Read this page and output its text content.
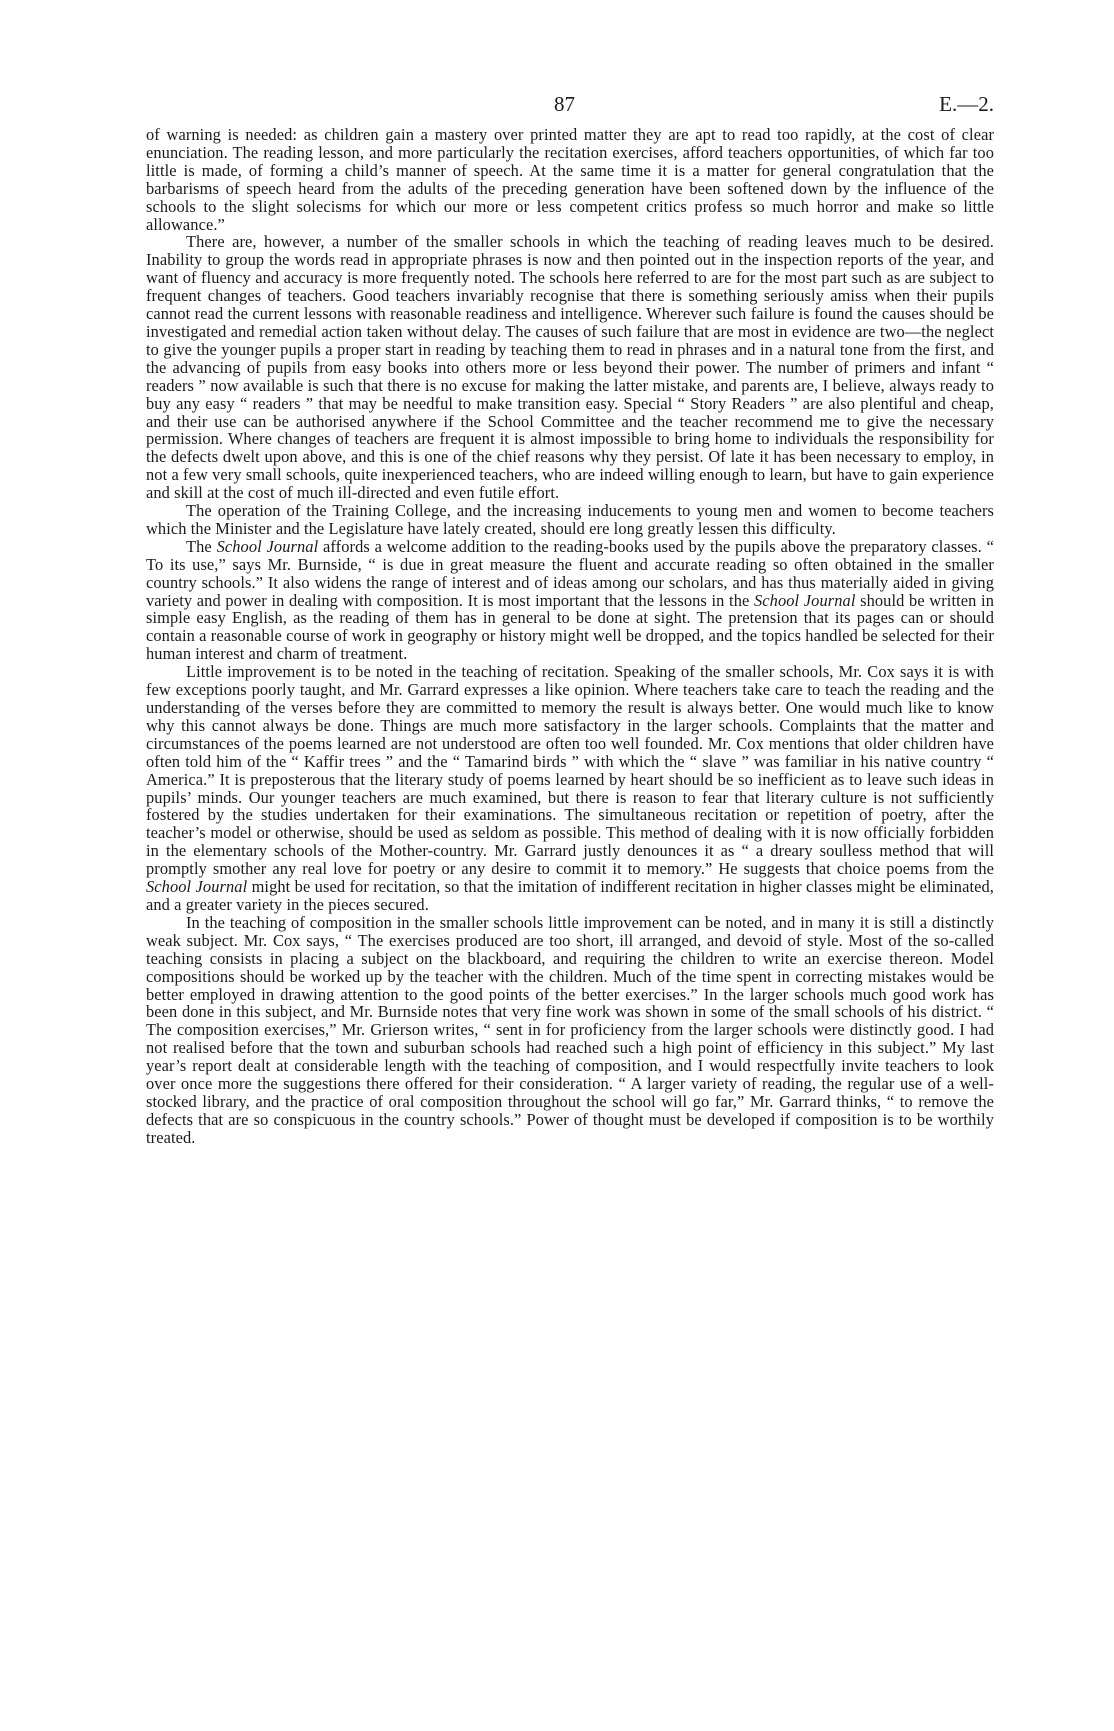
87	E.—2.

of warning is needed: as children gain a mastery over printed matter they are apt to read too rapidly, at the cost of clear enunciation. The reading lesson, and more particularly the recitation exercises, afford teachers opportunities, of which far too little is made, of forming a child’s manner of speech. At the same time it is a matter for general congratulation that the barbarisms of speech heard from the adults of the preceding generation have been softened down by the influence of the schools to the slight solecisms for which our more or less competent critics profess so much horror and make so little allowance.”

There are, however, a number of the smaller schools in which the teaching of reading leaves much to be desired. Inability to group the words read in appropriate phrases is now and then pointed out in the inspection reports of the year, and want of fluency and accuracy is more frequently noted. The schools here referred to are for the most part such as are subject to frequent changes of teachers. Good teachers invariably recognise that there is something seriously amiss when their pupils cannot read the current lessons with reasonable readiness and intelligence. Wherever such failure is found the causes should be investigated and remedial action taken without delay. The causes of such failure that are most in evidence are two—the neglect to give the younger pupils a proper start in reading by teaching them to read in phrases and in a natural tone from the first, and the advancing of pupils from easy books into others more or less beyond their power. The number of primers and infant “ readers ” now available is such that there is no excuse for making the latter mistake, and parents are, I believe, always ready to buy any easy “ readers ” that may be needful to make transition easy. Special “ Story Readers ” are also plentiful and cheap, and their use can be authorised anywhere if the School Committee and the teacher recommend me to give the necessary permission. Where changes of teachers are frequent it is almost impossible to bring home to individuals the responsibility for the defects dwelt upon above, and this is one of the chief reasons why they persist. Of late it has been necessary to employ, in not a few very small schools, quite inexperienced teachers, who are indeed willing enough to learn, but have to gain experience and skill at the cost of much ill-directed and even futile effort.

The operation of the Training College, and the increasing inducements to young men and women to become teachers which the Minister and the Legislature have lately created, should ere long greatly lessen this difficulty.

The School Journal affords a welcome addition to the reading-books used by the pupils above the preparatory classes. “ To its use,” says Mr. Burnside, “ is due in great measure the fluent and accurate reading so often obtained in the smaller country schools.” It also widens the range of interest and of ideas among our scholars, and has thus materially aided in giving variety and power in dealing with composition. It is most important that the lessons in the School Journal should be written in simple easy English, as the reading of them has in general to be done at sight. The pretension that its pages can or should contain a reasonable course of work in geography or history might well be dropped, and the topics handled be selected for their human interest and charm of treatment.

Little improvement is to be noted in the teaching of recitation. Speaking of the smaller schools, Mr. Cox says it is with few exceptions poorly taught, and Mr. Garrard expresses a like opinion. Where teachers take care to teach the reading and the understanding of the verses before they are committed to memory the result is always better. One would much like to know why this cannot always be done. Things are much more satisfactory in the larger schools. Complaints that the matter and circumstances of the poems learned are not understood are often too well founded. Mr. Cox mentions that older children have often told him of the “ Kaffir trees ” and the “ Tamarind birds ” with which the “ slave ” was familiar in his native country “ America.” It is preposterous that the literary study of poems learned by heart should be so inefficient as to leave such ideas in pupils’ minds. Our younger teachers are much examined, but there is reason to fear that literary culture is not sufficiently fostered by the studies undertaken for their examinations. The simultaneous recitation or repetition of poetry, after the teacher’s model or otherwise, should be used as seldom as possible. This method of dealing with it is now officially forbidden in the elementary schools of the Mother-country. Mr. Garrard justly denounces it as “ a dreary soulless method that will promptly smother any real love for poetry or any desire to commit it to memory.” He suggests that choice poems from the School Journal might be used for recitation, so that the imitation of indifferent recitation in higher classes might be eliminated, and a greater variety in the pieces secured.

In the teaching of composition in the smaller schools little improvement can be noted, and in many it is still a distinctly weak subject. Mr. Cox says, “ The exercises produced are too short, ill arranged, and devoid of style. Most of the so-called teaching consists in placing a subject on the blackboard, and requiring the children to write an exercise thereon. Model compositions should be worked up by the teacher with the children. Much of the time spent in correcting mistakes would be better employed in drawing attention to the good points of the better exercises.” In the larger schools much good work has been done in this subject, and Mr. Burnside notes that very fine work was shown in some of the small schools of his district. “ The composition exercises,” Mr. Grierson writes, “ sent in for proficiency from the larger schools were distinctly good. I had not realised before that the town and suburban schools had reached such a high point of efficiency in this subject.” My last year’s report dealt at considerable length with the teaching of composition, and I would respectfully invite teachers to look over once more the suggestions there offered for their consideration. “ A larger variety of reading, the regular use of a well-stocked library, and the practice of oral composition throughout the school will go far,” Mr. Garrard thinks, “ to remove the defects that are so conspicuous in the country schools.” Power of thought must be developed if composition is to be worthily treated.
